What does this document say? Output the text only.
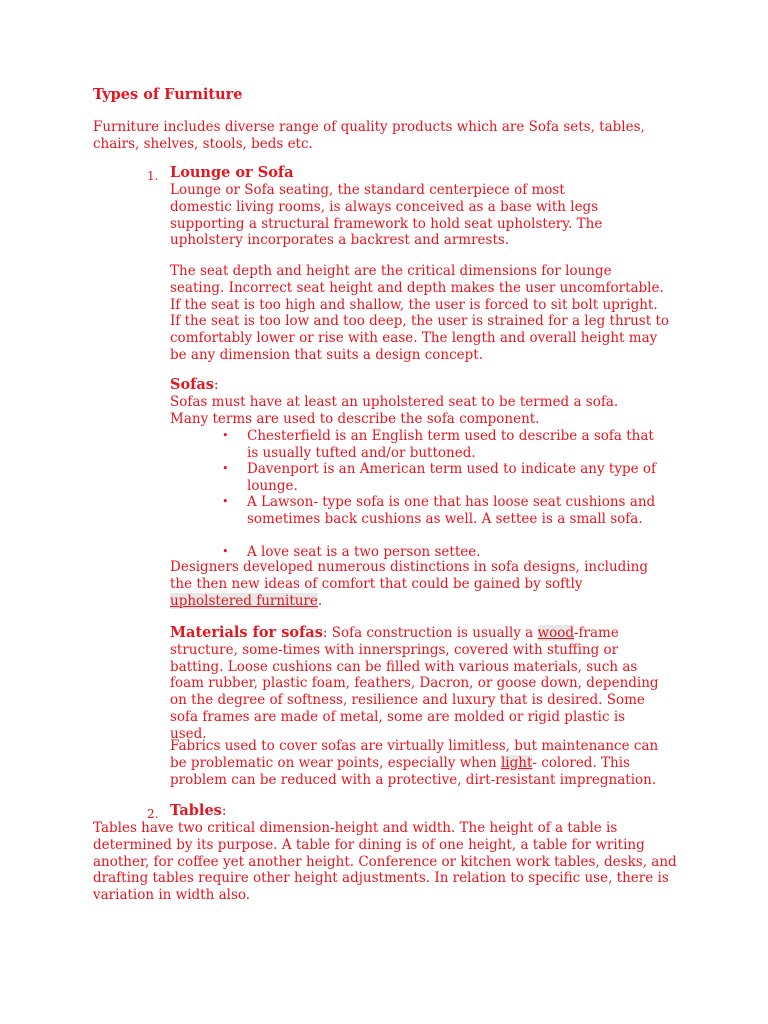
Types of Furniture

Furniture includes diverse range of quality products which are Sofa sets, tables, chairs, shelves, stools, beds etc.

1. Lounge or Sofa

Lounge or Sofa seating, the standard centerpiece of most domestic living rooms, is always conceived as a base with legs supporting a structural framework to hold seat upholstery. The upholstery incorporates a backrest and armrests.

The seat depth and height are the critical dimensions for lounge seating. Incorrect seat height and depth makes the user uncomfortable. If the seat is too high and shallow, the user is forced to sit bolt upright. If the seat is too low and too deep, the user is strained for a leg thrust to comfortably lower or rise with ease. The length and overall height may be any dimension that suits a design concept.

Sofas:

Sofas must have at least an upholstered seat to be termed a sofa. Many terms are used to describe the sofa component.

• Chesterfield is an English term used to describe a sofa that is usually tufted and/or buttoned.
• Davenport is an American term used to indicate any type of lounge.
• A Lawson- type sofa is one that has loose seat cushions and sometimes back cushions as well. A settee is a small sofa.
• A love seat is a two person settee.

Designers developed numerous distinctions in sofa designs, including the then new ideas of comfort that could be gained by softly upholstered furniture.

Materials for sofas: Sofa construction is usually a wood-frame structure, some-times with innersprings, covered with stuffing or batting. Loose cushions can be filled with various materials, such as foam rubber, plastic foam, feathers, Dacron, or goose down, depending on the degree of softness, resilience and luxury that is desired. Some sofa frames are made of metal, some are molded or rigid plastic is used.

Fabrics used to cover sofas are virtually limitless, but maintenance can be problematic on wear points, especially when light- colored. This problem can be reduced with a protective, dirt-resistant impregnation.

2. Tables:

Tables have two critical dimension-height and width. The height of a table is determined by its purpose. A table for dining is of one height, a table for writing another, for coffee yet another height. Conference or kitchen work tables, desks, and drafting tables require other height adjustments. In relation to specific use, there is variation in width also.
